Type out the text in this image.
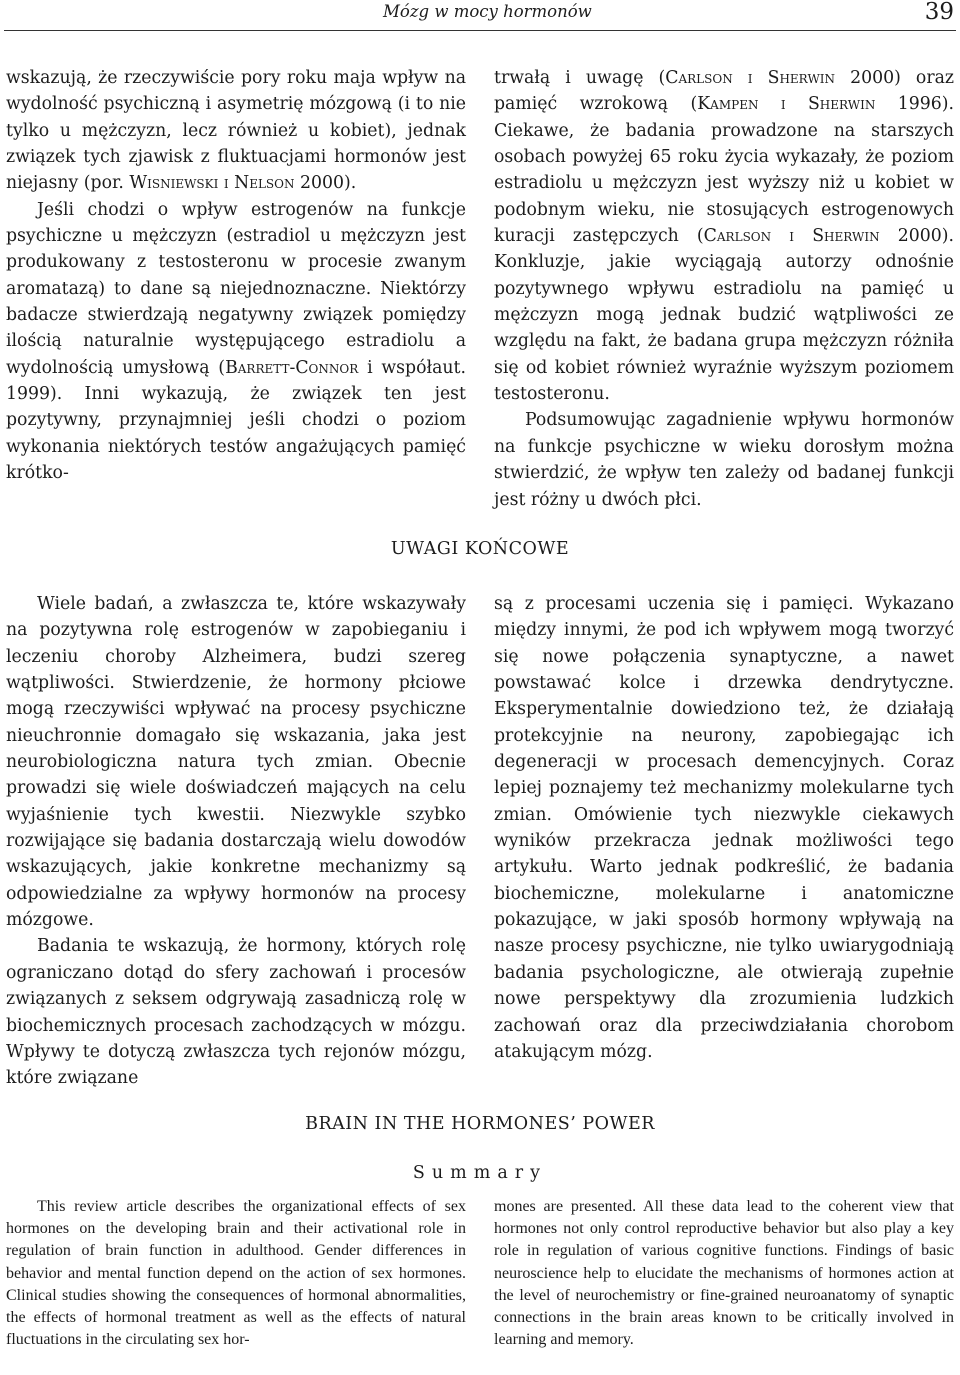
Mózg w mocy hormonów	39

wskazują, że rzeczywiście pory roku maja wpływ na wydolność psychiczną i asymetrię mózgową (i to nie tylko u mężczyzn, lecz również u kobiet), jednak związek tych zjawisk z fluktuacjami hormonów jest niejasny (por. Wisniewski i Nelson 2000).

Jeśli chodzi o wpływ estrogenów na funkcje psychiczne u mężczyzn (estradiol u mężczyzn jest produkowany z testosteronu w procesie zwanym aromatazą) to dane są niejednoznaczne. Niektórzy badacze stwierdzają negatywny związek pomiędzy ilością naturalnie występującego estradiolu a wydolnością umysłową (Barrett-Connor i współaut. 1999). Inni wykazują, że związek ten jest pozytywny, przynajmniej jeśli chodzi o poziom wykonania niektórych testów angażujących pamięć krótko-

trwałą i uwagę (Carlson i Sherwin 2000) oraz pamięć wzrokową (Kampen i Sherwin 1996). Ciekawe, że badania prowadzone na starszych osobach powyżej 65 roku życia wykazały, że poziom estradiolu u mężczyzn jest wyższy niż u kobiet w podobnym wieku, nie stosujących estrogenowych kuracji zastępczych (Carlson i Sherwin 2000). Konkluzje, jakie wyciągają autorzy odnośnie pozytywnego wpływu estradiolu na pamięć u mężczyzn mogą jednak budzić wątpliwości ze względu na fakt, że badana grupa mężczyzn różniła się od kobiet również wyraźnie wyższym poziomem testosteronu.

Podsumowując zagadnienie wpływu hormonów na funkcje psychiczne w wieku dorosłym można stwierdzić, że wpływ ten zależy od badanej funkcji jest różny u dwóch płci.

UWAGI KOŃCOWE

Wiele badań, a zwłaszcza te, które wskazywały na pozytywna rolę estrogenów w zapobieganiu i leczeniu choroby Alzheimera, budzi szereg wątpliwości. Stwierdzenie, że hormony płciowe mogą rzeczywiści wpływać na procesy psychiczne nieuchronnie domagało się wskazania, jaka jest neurobiologiczna natura tych zmian. Obecnie prowadzi się wiele doświadczeń mających na celu wyjaśnienie tych kwestii. Niezwykle szybko rozwijające się badania dostarczają wielu dowodów wskazujących, jakie konkretne mechanizmy są odpowiedzialne za wpływy hormonów na procesy mózgowe.

Badania te wskazują, że hormony, których rolę ograniczano dotąd do sfery zachowań i procesów związanych z seksem odgrywają zasadniczą rolę w biochemicznych procesach zachodzących w mózgu. Wpływy te dotyczą zwłaszcza tych rejonów mózgu, które związane

są z procesami uczenia się i pamięci. Wykazano między innymi, że pod ich wpływem mogą tworzyć się nowe połączenia synaptyczne, a nawet powstawać kolce i drzewka dendrytyczne. Eksperymentalnie dowiedziono też, że działają protekcyjnie na neurony, zapobiegając ich degeneracji w procesach demencyjnych. Coraz lepiej poznajemy też mechanizmy molekularne tych zmian. Omówienie tych niezwykle ciekawych wyników przekracza jednak możliwości tego artykułu. Warto jednak podkreślić, że badania biochemiczne, molekularne i anatomiczne pokazujące, w jaki sposób hormony wpływają na nasze procesy psychiczne, nie tylko uwiarygodniają badania psychologiczne, ale otwierają zupełnie nowe perspektywy dla zrozumienia ludzkich zachowań oraz dla przeciwdziałania chorobom atakującym mózg.

BRAIN IN THE HORMONES’ POWER
Summary

This review article describes the organizational effects of sex hormones on the developing brain and their activational role in regulation of brain function in adulthood. Gender differences in behavior and mental function depend on the action of sex hormones. Clinical studies showing the consequences of hormonal abnormalities, the effects of hormonal treatment as well as the effects of natural fluctuations in the circulating sex hor-

mones are presented. All these data lead to the coherent view that hormones not only control reproductive behavior but also play a key role in regulation of various cognitive functions. Findings of basic neuroscience help to elucidate the mechanisms of hormones action at the level of neurochemistry or fine-grained neuroanatomy of synaptic connections in the brain areas known to be critically involved in learning and memory.
